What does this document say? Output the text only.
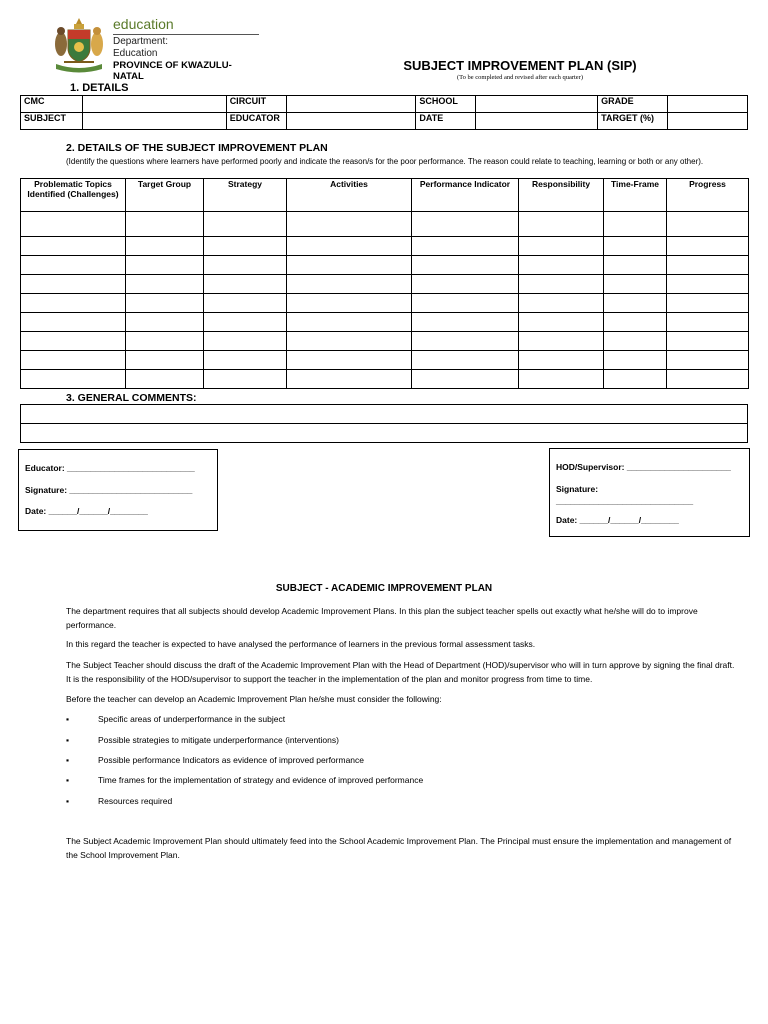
education
Department:
Education
PROVINCE OF KWAZULU-NATAL
SUBJECT IMPROVEMENT PLAN (SIP)
(To be completed and revised after each quarter)
1. DETAILS
CMC		CIRCUIT		SCHOOL		GRADE	
SUBJECT		EDUCATOR		DATE		TARGET (%)	
2. DETAILS OF THE SUBJECT IMPROVEMENT PLAN
(Identify the questions where learners have performed poorly and indicate the reason/s for the poor performance. The reason could relate to teaching, learning or both or any other).
Problematic Topics Identified (Challenges)	Target Group	Strategy	Activities	Performance Indicator	Responsibility	Time-Frame	Progress

3. GENERAL COMMENTS:

Educator: ___________________________
Signature: __________________________
Date: ______/______/________
HOD/Supervisor: ______________________
Signature:
_____________________________
Date: ______/______/________
SUBJECT - ACADEMIC IMPROVEMENT PLAN
The department requires that all subjects should develop Academic Improvement Plans. In this plan the subject teacher spells out exactly what he/she will do to improve performance.
In this regard the teacher is expected to have analysed the performance of learners in the previous formal assessment tasks.
The Subject Teacher should discuss the draft of the Academic Improvement Plan with the Head of Department (HOD)/supervisor who will in turn approve by signing the final draft. It is the responsibility of the HOD/supervisor to support the teacher in the implementation of the plan and monitor progress from time to time.
Before the teacher can develop an Academic Improvement Plan he/she must consider the following:
▪	Specific areas of underperformance in the subject
▪	Possible strategies to mitigate underperformance (interventions)
▪	Possible performance Indicators as evidence of improved performance
▪	Time frames for the implementation of strategy and evidence of improved performance
▪	Resources required
The Subject Academic Improvement Plan should ultimately feed into the School Academic Improvement Plan. The Principal must ensure the implementation and management of the School Improvement Plan.
